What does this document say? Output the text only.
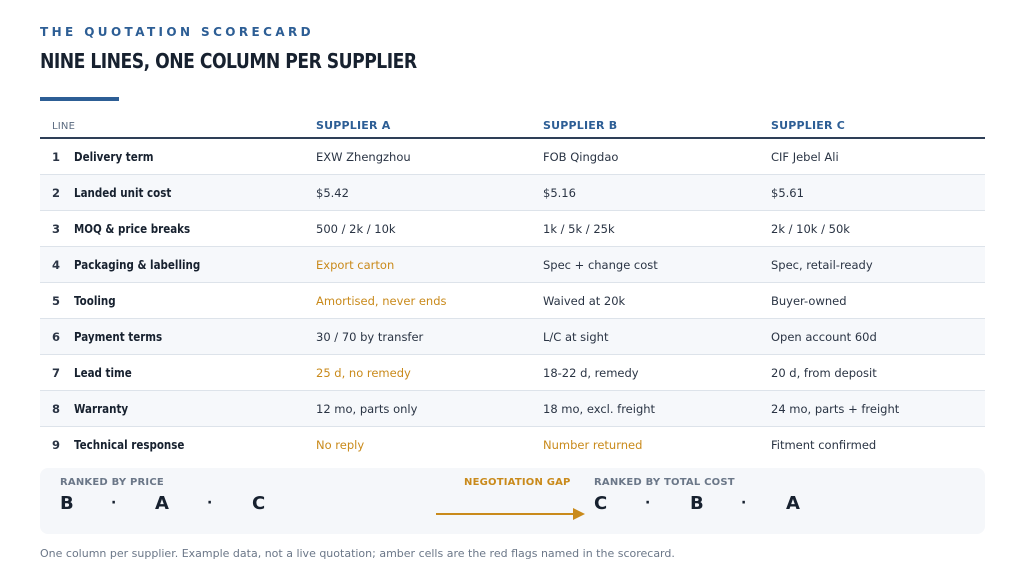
THE QUOTATION SCORECARD
NINE LINES, ONE COLUMN PER SUPPLIER
LINE		SUPPLIER A	SUPPLIER B	SUPPLIER C
1	Delivery term	EXW Zhengzhou	FOB Qingdao	CIF Jebel Ali
2	Landed unit cost	$5.42	$5.16	$5.61
3	MOQ & price breaks	500 / 2k / 10k	1k / 5k / 25k	2k / 10k / 50k
4	Packaging & labelling	Export carton	Spec + change cost	Spec, retail-ready
5	Tooling	Amortised, never ends	Waived at 20k	Buyer-owned
6	Payment terms	30 / 70 by transfer	L/C at sight	Open account 60d
7	Lead time	25 d, no remedy	18-22 d, remedy	20 d, from deposit
8	Warranty	12 mo, parts only	18 mo, excl. freight	24 mo, parts + freight
9	Technical response	No reply	Number returned	Fitment confirmed
RANKED BY PRICE
B	· A	· C
NEGOTIATION GAP RANKED BY TOTAL COST
C	· B	· A
One column per supplier. Example data, not a live quotation; amber cells are the red flags named in the scorecard.
